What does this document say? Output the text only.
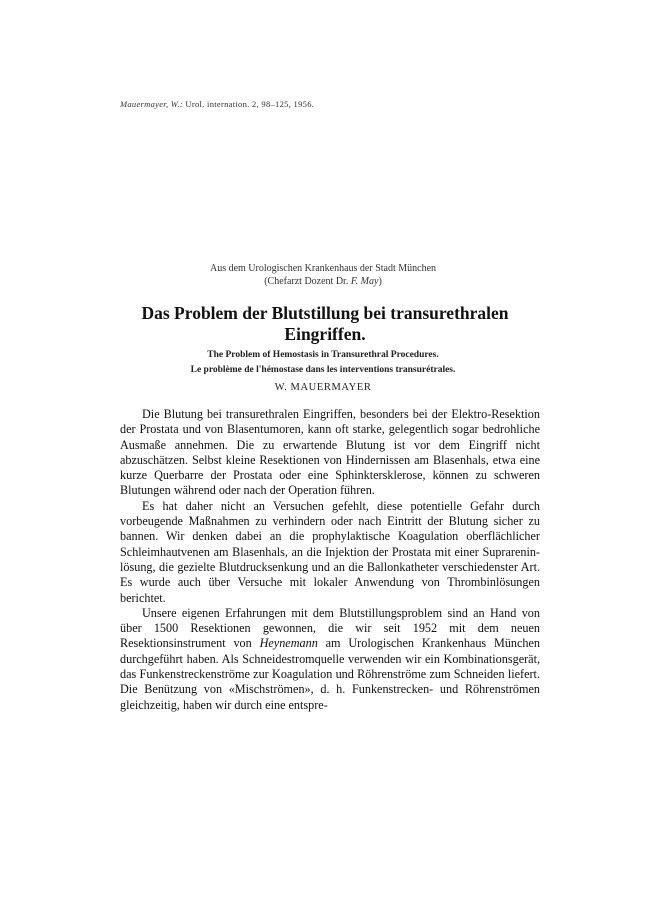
Mauermayer, W.: Urol. internation. 2, 98–125, 1956.
Aus dem Urologischen Krankenhaus der Stadt München
(Chefarzt Dozent Dr. F. May)
Das Problem der Blutstillung bei transurethralen Eingriffen.
The Problem of Hemostasis in Transurethral Procedures.
Le problème de l'hémostase dans les interventions transurétrales.
W. MAUERMAYER

Die Blutung bei transurethralen Eingriffen, besonders bei der Elektro-Resektion der Prostata und von Blasentumoren, kann oft starke, gelegentlich sogar bedrohliche Ausmaße annehmen. Die zu erwartende Blutung ist vor dem Eingriff nicht abzuschätzen. Selbst kleine Resektionen von Hindernissen am Blasenhals, etwa eine kurze Querbarre der Prostata oder eine Sphinktersklerose, können zu schweren Blutungen während oder nach der Operation führen.

Es hat daher nicht an Versuchen gefehlt, diese potentielle Gefahr durch vorbeugende Maßnahmen zu verhindern oder nach Eintritt der Blutung sicher zu bannen. Wir denken dabei an die prophylaktische Koagulation oberflächlicher Schleimhautvenen am Blasenhals, an die Injektion der Prostata mit einer Suprarenin-lösung, die gezielte Blutdrucksenkung und an die Ballonkatheter verschiedenster Art. Es wurde auch über Versuche mit lokaler Anwendung von Thrombinlösungen berichtet.

Unsere eigenen Erfahrungen mit dem Blutstillungsproblem sind an Hand von über 1500 Resektionen gewonnen, die wir seit 1952 mit dem neuen Resektionsinstrument von Heynemann am Urologischen Krankenhaus München durchgeführt haben. Als Schneidestromquelle verwenden wir ein Kombinationsgerät, das Funkenstreckenströme zur Koagulation und Röhrenströme zum Schneiden liefert. Die Benützung von «Mischströmen», d. h. Funkenstrecken- und Röhrenströmen gleichzeitig, haben wir durch eine entspre-
